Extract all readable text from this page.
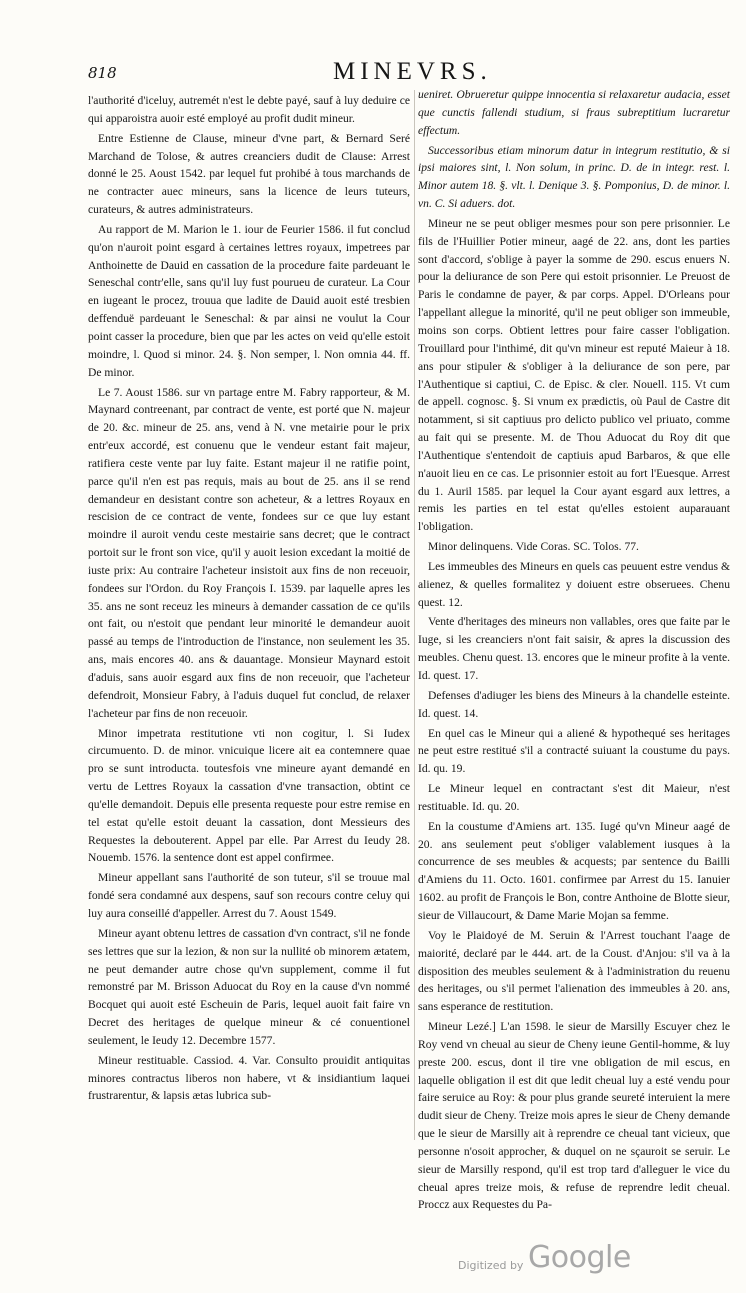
818	MINEVRS.

l'authorité d'iceluy, autremét n'est le debte payé, sauf à luy deduire ce qui apparoistra auoir esté employé au profit dudit mineur.

Entre Estienne de Clause, mineur d'vne part, & Bernard Seré Marchand de Tolose, & autres creanciers dudit de Clause: Arrest donné le 25. Aoust 1542. par lequel fut prohibé à tous marchands de ne contracter auec mineurs, sans la licence de leurs tuteurs, curateurs, & autres administrateurs.

Au rapport de M. Marion le 1. iour de Feurier 1586. il fut conclud qu'on n'auroit point esgard à certaines lettres royaux, impetrees par Anthoinette de Dauid en cassation de la procedure faite pardeuant le Seneschal contr'elle, sans qu'il luy fust pourueu de curateur. La Cour en iugeant le procez, trouua que ladite de Dauid auoit esté tresbien deffenduë pardeuant le Seneschal: & par ainsi ne voulut la Cour point casser la procedure, bien que par les actes on veid qu'elle estoit moindre, l. Quod si minor. 24. §. Non semper, l. Non omnia 44. ff. De minor.

Le 7. Aoust 1586. sur vn partage entre M. Fabry rapporteur, & M. Maynard contreenant, par contract de vente, est porté que N. majeur de 20. &c. mineur de 25. ans, vend à N. vne metairie pour le prix entr'eux accordé, est conuenu que le vendeur estant fait majeur, ratifiera ceste vente par luy faite. Estant majeur il ne ratifie point, parce qu'il n'en est pas requis, mais au bout de 25. ans il se rend demandeur en desistant contre son acheteur, & a lettres Royaux en rescision de ce contract de vente, fondees sur ce que luy estant moindre il auroit vendu ceste mestairie sans decret; que le contract portoit sur le front son vice, qu'il y auoit lesion excedant la moitié de iuste prix: Au contraire l'acheteur insistoit aux fins de non receuoir, fondees sur l'Ordon. du Roy François I. 1539. par laquelle apres les 35. ans ne sont receuz les mineurs à demander cassation de ce qu'ils ont fait, ou n'estoit que pendant leur minorité le demandeur auoit passé au temps de l'introduction de l'instance, non seulement les 35. ans, mais encores 40. ans & dauantage. Monsieur Maynard estoit d'aduis, sans auoir esgard aux fins de non receuoir, que l'acheteur defendroit, Monsieur Fabry, à l'aduis duquel fut conclud, de relaxer l'acheteur par fins de non receuoir.

Minor impetrata restitutione vti non cogitur, l. Si Iudex circumuento. D. de minor. vnicuique licere ait ea contemnere quae pro se sunt introducta. toutesfois vne mineure ayant demandé en vertu de Lettres Royaux la cassation d'vne transaction, obtint ce qu'elle demandoit. Depuis elle presenta requeste pour estre remise en tel estat qu'elle estoit deuant la cassation, dont Messieurs des Requestes la debouterent. Appel par elle. Par Arrest du Ieudy 28. Nouemb. 1576. la sentence dont est appel confirmee.

Mineur appellant sans l'authorité de son tuteur, s'il se trouue mal fondé sera condamné aux despens, sauf son recours contre celuy qui luy aura conseillé d'appeller. Arrest du 7. Aoust 1549.

Mineur ayant obtenu lettres de cassation d'vn contract, s'il ne fonde ses lettres que sur la lezion, & non sur la nullité ob minorem ætatem, ne peut demander autre chose qu'vn supplement, comme il fut remonstré par M. Brisson Aduocat du Roy en la cause d'vn nommé Bocquet qui auoit esté Escheuin de Paris, lequel auoit fait faire vn Decret des heritages de quelque mineur & cé conuentionel seulement, le Ieudy 12. Decembre 1577.

Mineur restituable. Cassiod. 4. Var. Consulto prouidit antiquitas minores contractus liberos non habere, vt & insidiantium laquei frustrarentur, & lapsis ætas lubrica sub-

ueniret. Obrueretur quippe innocentia si relaxaretur audacia, esset que cunctis fallendi studium, si fraus subreptitium lucraretur effectum.

Successoribus etiam minorum datur in integrum restitutio, & si ipsi maiores sint, l. Non solum, in princ. D. de in integr. rest. l. Minor autem 18. §. vlt. l. Denique 3. §. Pomponius, D. de minor. l. vn. C. Si aduers. dot.

Mineur ne se peut obliger mesmes pour son pere prisonnier. Le fils de l'Huillier Potier mineur, aagé de 22. ans, dont les parties sont d'accord, s'oblige à payer la somme de 290. escus enuers N. pour la deliurance de son Pere qui estoit prisonnier. Le Preuost de Paris le condamne de payer, & par corps. Appel. D'Orleans pour l'appellant allegue la minorité, qu'il ne peut obliger son immeuble, moins son corps. Obtient lettres pour faire casser l'obligation. Trouillard pour l'inthimé, dit qu'vn mineur est reputé Maieur à 18. ans pour stipuler & s'obliger à la deliurance de son pere, par l'Authentique si captiui, C. de Episc. & cler. Nouell. 115. Vt cum de appell. cognosc. §. Si vnum ex prædictis, où Paul de Castre dit notamment, si sit captiuus pro delicto publico vel priuato, comme au fait qui se presente. M. de Thou Aduocat du Roy dit que l'Authentique s'entendoit de captiuis apud Barbaros, & que elle n'auoit lieu en ce cas. Le prisonnier estoit au fort l'Euesque. Arrest du 1. Auril 1585. par lequel la Cour ayant esgard aux lettres, a remis les parties en tel estat qu'elles estoient auparauant l'obligation.

Minor delinquens. Vide Coras. SC. Tolos. 77.

Les immeubles des Mineurs en quels cas peuuent estre vendus & alienez, & quelles formalitez y doiuent estre obseruees. Chenu quest. 12.

Vente d'heritages des mineurs non vallables, ores que faite par le Iuge, si les creanciers n'ont fait saisir, & apres la discussion des meubles. Chenu quest. 13. encores que le mineur profite à la vente. Id. quest. 17.

Defenses d'adiuger les biens des Mineurs à la chandelle esteinte. Id. quest. 14.

En quel cas le Mineur qui a aliené & hypothequé ses heritages ne peut estre restitué s'il a contracté suiuant la coustume du pays. Id. qu. 19.

Le Mineur lequel en contractant s'est dit Maieur, n'est restituable. Id. qu. 20.

En la coustume d'Amiens art. 135. Iugé qu'vn Mineur aagé de 20. ans seulement peut s'obliger valablement iusques à la concurrence de ses meubles & acquests; par sentence du Bailli d'Amiens du 11. Octo. 1601. confirmee par Arrest du 15. Ianuier 1602. au profit de François le Bon, contre Anthoine de Blotte sieur, sieur de Villaucourt, & Dame Marie Mojan sa femme.

Voy le Plaidoyé de M. Seruin & l'Arrest touchant l'aage de maiorité, declaré par le 444. art. de la Coust. d'Anjou: s'il va à la disposition des meubles seulement & à l'administration du reuenu des heritages, ou s'il permet l'alienation des immeubles à 20. ans, sans esperance de restitution.

Mineur Lezé.] L'an 1598. le sieur de Marsilly Escuyer chez le Roy vend vn cheual au sieur de Cheny ieune Gentil-homme, & luy preste 200. escus, dont il tire vne obligation de mil escus, en laquelle obligation il est dit que ledit cheual luy a esté vendu pour faire seruice au Roy: & pour plus grande seureté interuient la mere dudit sieur de Cheny. Treize mois apres le sieur de Cheny demande que le sieur de Marsilly ait à reprendre ce cheual tant vicieux, que personne n'osoit approcher, & duquel on ne sçauroit se seruir. Le sieur de Marsilly respond, qu'il est trop tard d'alleguer le vice du cheual apres treize mois, & refuse de reprendre ledit cheual. Proccz aux Requestes du Pa-

Digitized by Google
